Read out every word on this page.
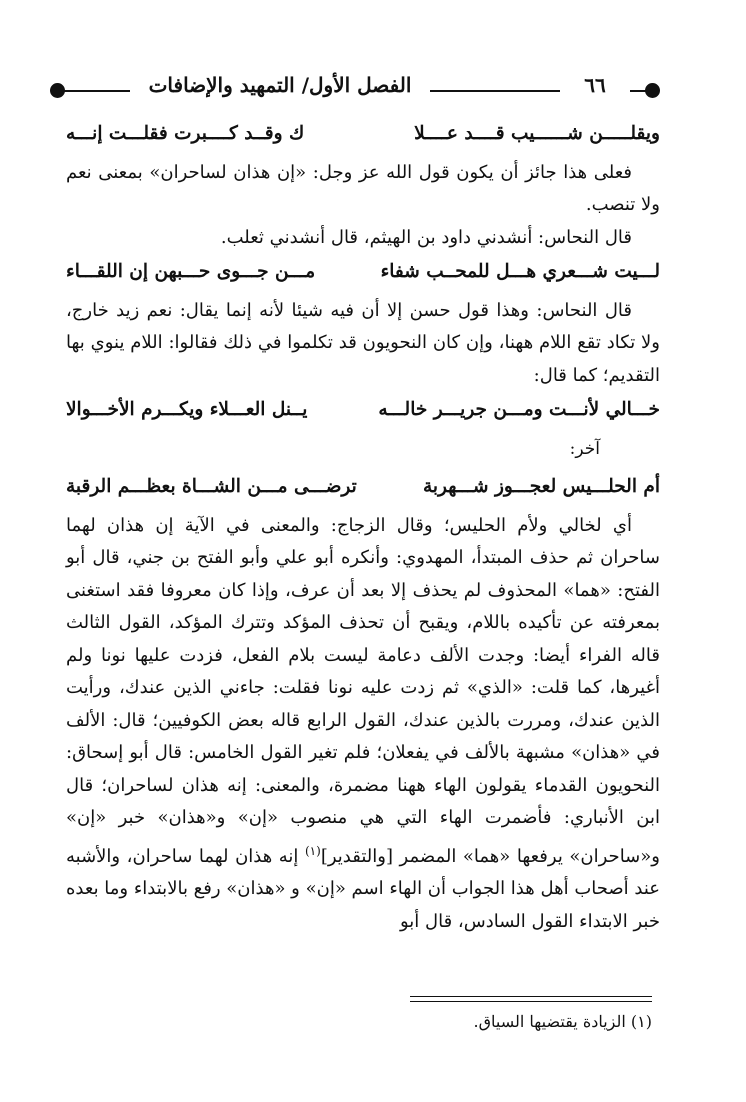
الفصل الأول/ التمهيد والإضافات	٦٦
ويقلـــــن شــــــيب قــــد عــــلا
ك وقــد كــــبرت فقلـــت إنـــه

فعلى هذا جائز أن يكون قول الله عز وجل: «إن هذان لساحران» بمعنى نعم ولا تنصب.

قال النحاس: أنشدني داود بن الهيثم، قال أنشدني ثعلب.

لـــيت شـــعري هـــل للمحــب شفاء
مـــن جـــوى حـــبهن إن اللقـــاء

قال النحاس: وهذا قول حسن إلا أن فيه شيئا لأنه إنما يقال: نعم زيد خارج، ولا تكاد تقع اللام ههنا، وإن كان النحويون قد تكلموا في ذلك فقالوا: اللام ينوي بها التقديم؛ كما قال:

خـــالي لأنـــت ومـــن جريـــر خالـــه
يــنل العـــلاء ويكـــرم الأخـــوالا
آخر:
أم الحلـــيس لعجـــوز شـــهربة
ترضـــى مـــن الشـــاة بعظـــم الرقبة

أي لخالي ولأم الحليس؛ وقال الزجاج: والمعنى في الآية إن هذان لهما ساحران ثم حذف المبتدأ، المهدوي: وأنكره أبو علي وأبو الفتح بن جني، قال أبو الفتح: «هما» المحذوف لم يحذف إلا بعد أن عرف، وإذا كان معروفا فقد استغنى بمعرفته عن تأكيده باللام، ويقبح أن تحذف المؤكد وتترك المؤكد، القول الثالث قاله الفراء أيضا: وجدت الألف دعامة ليست بلام الفعل، فزدت عليها نونا ولم أغيرها، كما قلت: «الذي» ثم زدت عليه نونا فقلت: جاءني الذين عندك، ورأيت الذين عندك، ومررت بالذين عندك، القول الرابع قاله بعض الكوفيين؛ قال: الألف في «هذان» مشبهة بالألف في يفعلان؛ فلم تغير القول الخامس: قال أبو إسحاق: النحويون القدماء يقولون الهاء ههنا مضمرة، والمعنى: إنه هذان لساحران؛ قال ابن الأنباري: فأضمرت الهاء التي هي منصوب «إن» و«هذان» خبر «إن» و«ساحران» يرفعها «هما» المضمر [والتقدير]$^{(١)}$ إنه هذان لهما ساحران، والأشبه عند أصحاب أهل هذا الجواب أن الهاء اسم «إن» و «هذان» رفع بالابتداء وما بعده خبر الابتداء القول السادس، قال أبو

(١) الزيادة يقتضيها السياق.
